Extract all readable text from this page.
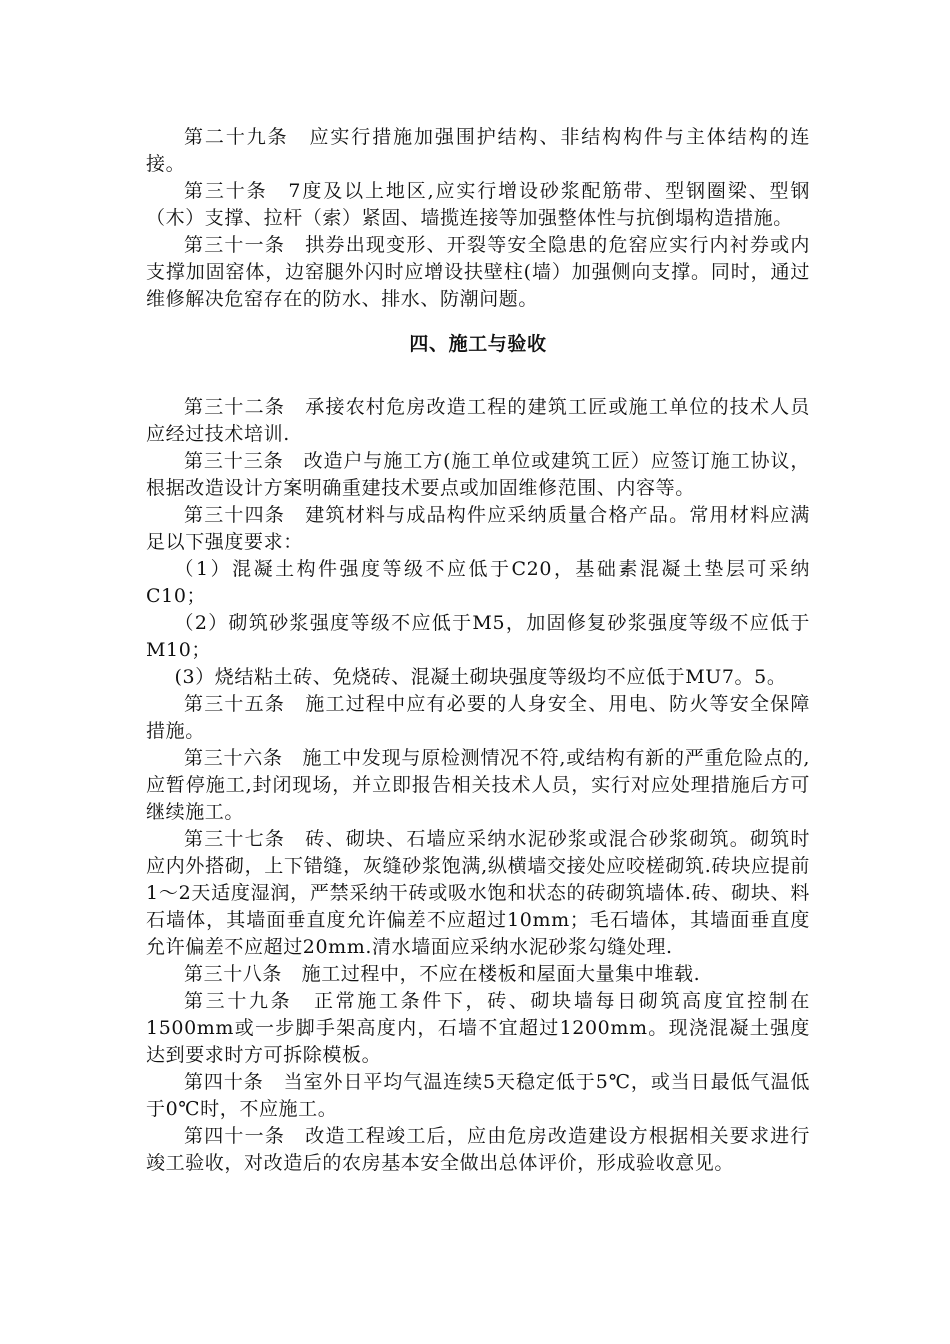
第二十九条　应实行措施加强围护结构、非结构构件与主体结构的连接。

第三十条　7度及以上地区,应实行增设砂浆配筋带、型钢圈梁、型钢（木）支撑、拉杆（索）紧固、墙揽连接等加强整体性与抗倒塌构造措施。

第三十一条　拱券出现变形、开裂等安全隐患的危窑应实行内衬券或内支撑加固窑体，边窑腿外闪时应增设扶壁柱(墙）加强侧向支撑。同时，通过维修解决危窑存在的防水、排水、防潮问题。

四、施工与验收

第三十二条　承接农村危房改造工程的建筑工匠或施工单位的技术人员应经过技术培训.

第三十三条　改造户与施工方(施工单位或建筑工匠）应签订施工协议，根据改造设计方案明确重建技术要点或加固维修范围、内容等。

第三十四条　建筑材料与成品构件应采纳质量合格产品。常用材料应满足以下强度要求：

（1）混凝土构件强度等级不应低于C20，基础素混凝土垫层可采纳C10；

（2）砌筑砂浆强度等级不应低于M5，加固修复砂浆强度等级不应低于M10；

(3）烧结粘土砖、免烧砖、混凝土砌块强度等级均不应低于MU7。5。

第三十五条　施工过程中应有必要的人身安全、用电、防火等安全保障措施。

第三十六条　施工中发现与原检测情况不符,或结构有新的严重危险点的,应暂停施工,封闭现场，并立即报告相关技术人员，实行对应处理措施后方可继续施工。

第三十七条　砖、砌块、石墙应采纳水泥砂浆或混合砂浆砌筑。砌筑时应内外搭砌，上下错缝，灰缝砂浆饱满,纵横墙交接处应咬槎砌筑.砖块应提前1～2天适度湿润，严禁采纳干砖或吸水饱和状态的砖砌筑墙体.砖、砌块、料石墙体，其墙面垂直度允许偏差不应超过10mm；毛石墙体，其墙面垂直度允许偏差不应超过20mm.清水墙面应采纳水泥砂浆勾缝处理.

第三十八条　施工过程中，不应在楼板和屋面大量集中堆载.

第三十九条　正常施工条件下，砖、砌块墙每日砌筑高度宜控制在1500mm或一步脚手架高度内，石墙不宜超过1200mm。现浇混凝土强度达到要求时方可拆除模板。

第四十条　当室外日平均气温连续5天稳定低于5℃，或当日最低气温低于0℃时，不应施工。

第四十一条　改造工程竣工后，应由危房改造建设方根据相关要求进行竣工验收，对改造后的农房基本安全做出总体评价，形成验收意见。
